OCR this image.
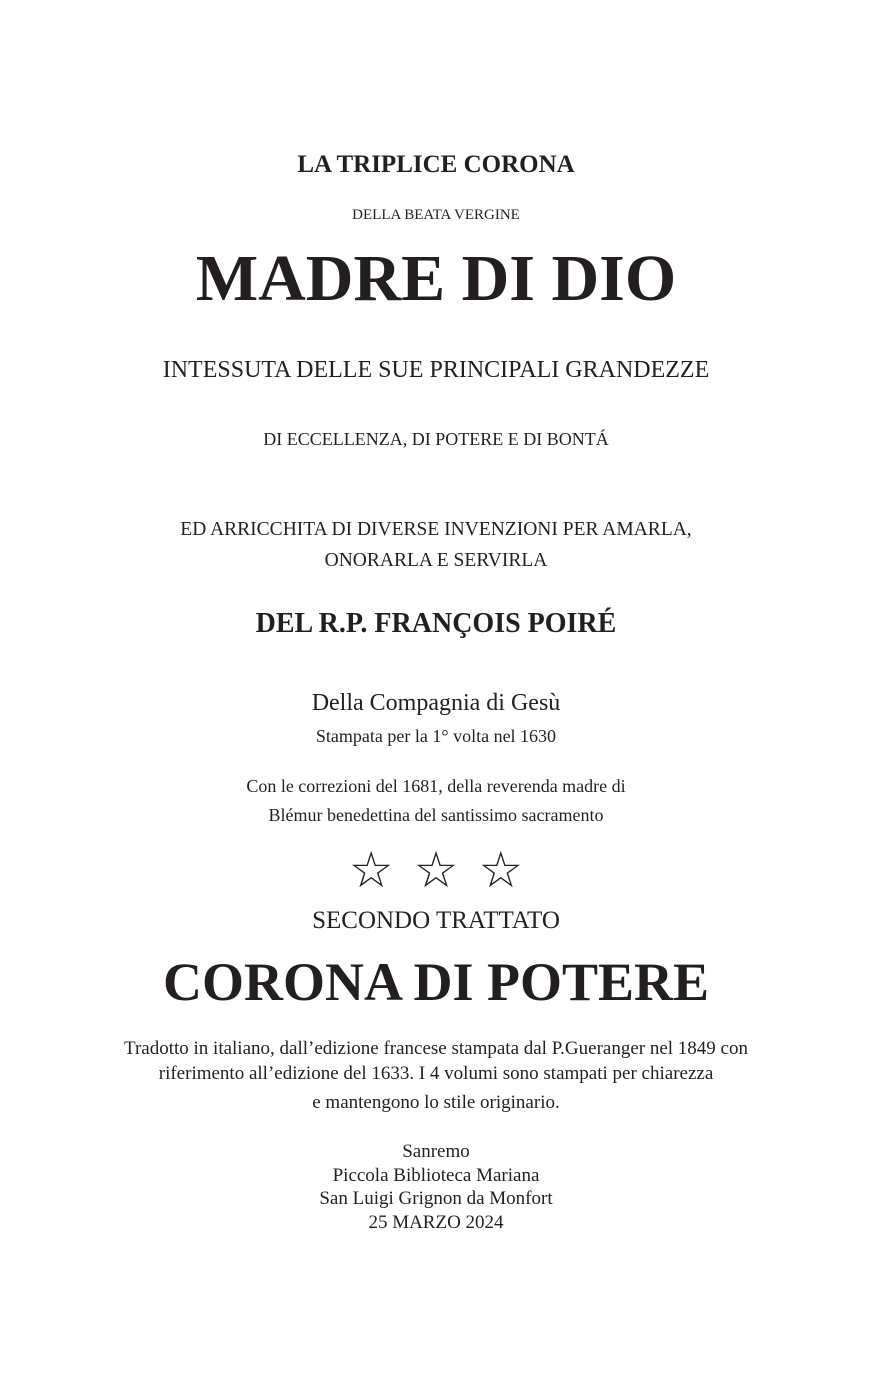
LA TRIPLICE CORONA
DELLA BEATA VERGINE
MADRE DI DIO
INTESSUTA DELLE SUE PRINCIPALI GRANDEZZE
DI ECCELLENZA, DI POTERE E DI BONTÁ
ED ARRICCHITA DI DIVERSE INVENZIONI PER AMARLA,
ONORARLA E SERVIRLA
DEL R.P. FRANÇOIS POIRÉ
Della Compagnia di Gesù
Stampata per la 1° volta nel 1630
Con le correzioni del 1681, della reverenda madre di
Blémur benedettina del santissimo sacramento
☆☆☆
SECONDO TRATTATO
CORONA DI POTERE
Tradotto in italiano, dall’edizione francese stampata dal P.Gueranger nel 1849 con
riferimento all’edizione del 1633. I 4 volumi sono stampati per chiarezza
e mantengono lo stile originario.
Sanremo
Piccola Biblioteca Mariana
San Luigi Grignon da Monfort
25 MARZO 2024
